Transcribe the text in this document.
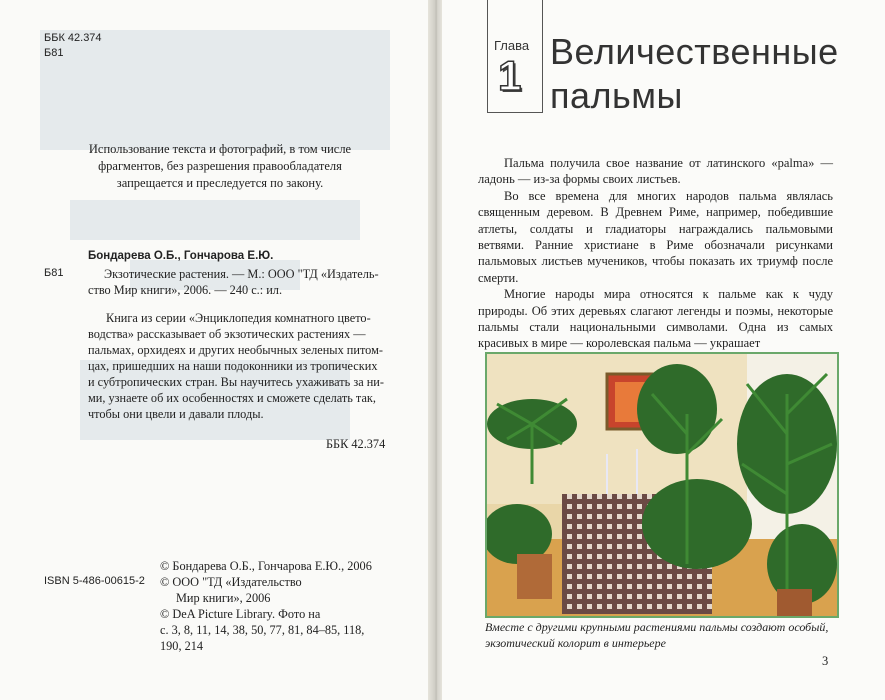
ББК 42.374
Б81
Использование текста и фотографий, в том числе
фрагментов, без разрешения правообладателя
запрещается и преследуется по закону.
Бондарева О.Б., Гончарова Е.Ю.
Б81	Экзотические растения. — М.: ООО "ТД «Издатель-
ство Мир книги», 2006. — 240 с.: ил.
Книга из серии «Энциклопедия комнатного цвето-
водства» рассказывает об экзотических растениях —
пальмах, орхидеях и других необычных зеленых питом-
цах, пришедших на наши подоконники из тропических
и субтропических стран. Вы научитесь ухаживать за ни-
ми, узнаете об их особенностях и сможете сделать так,
чтобы они цвели и давали плоды.
ББК 42.374
ISBN 5-486-00615-2
© Бондарева О.Б., Гончарова Е.Ю., 2006
© ООО "ТД «Издательство
Мир книги», 2006
© DeA Picture Library. Фото на
с. 3, 8, 11, 14, 38, 50, 77, 81, 84–85, 118,
190, 214
Глава
1
Величественные
пальмы

Пальма получила свое название от латинского «palma» — ладонь — из-за формы своих листьев.

Во все времена для многих народов пальма являлась священным деревом. В Древнем Риме, например, победившие атлеты, солдаты и гладиаторы награждались пальмовыми ветвями. Ранние христиане в Риме обозначали рисунками пальмовых листьев мучеников, чтобы показать их триумф после смерти.

Многие народы мира относятся к пальме как к чуду природы. Об этих деревьях слагают легенды и поэмы, некоторые пальмы стали национальными символами. Одна из самых красивых в мире — королевская пальма — украшает

Вместе с другими крупными растениями пальмы создают особый,
экзотический колорит в интерьере
3
